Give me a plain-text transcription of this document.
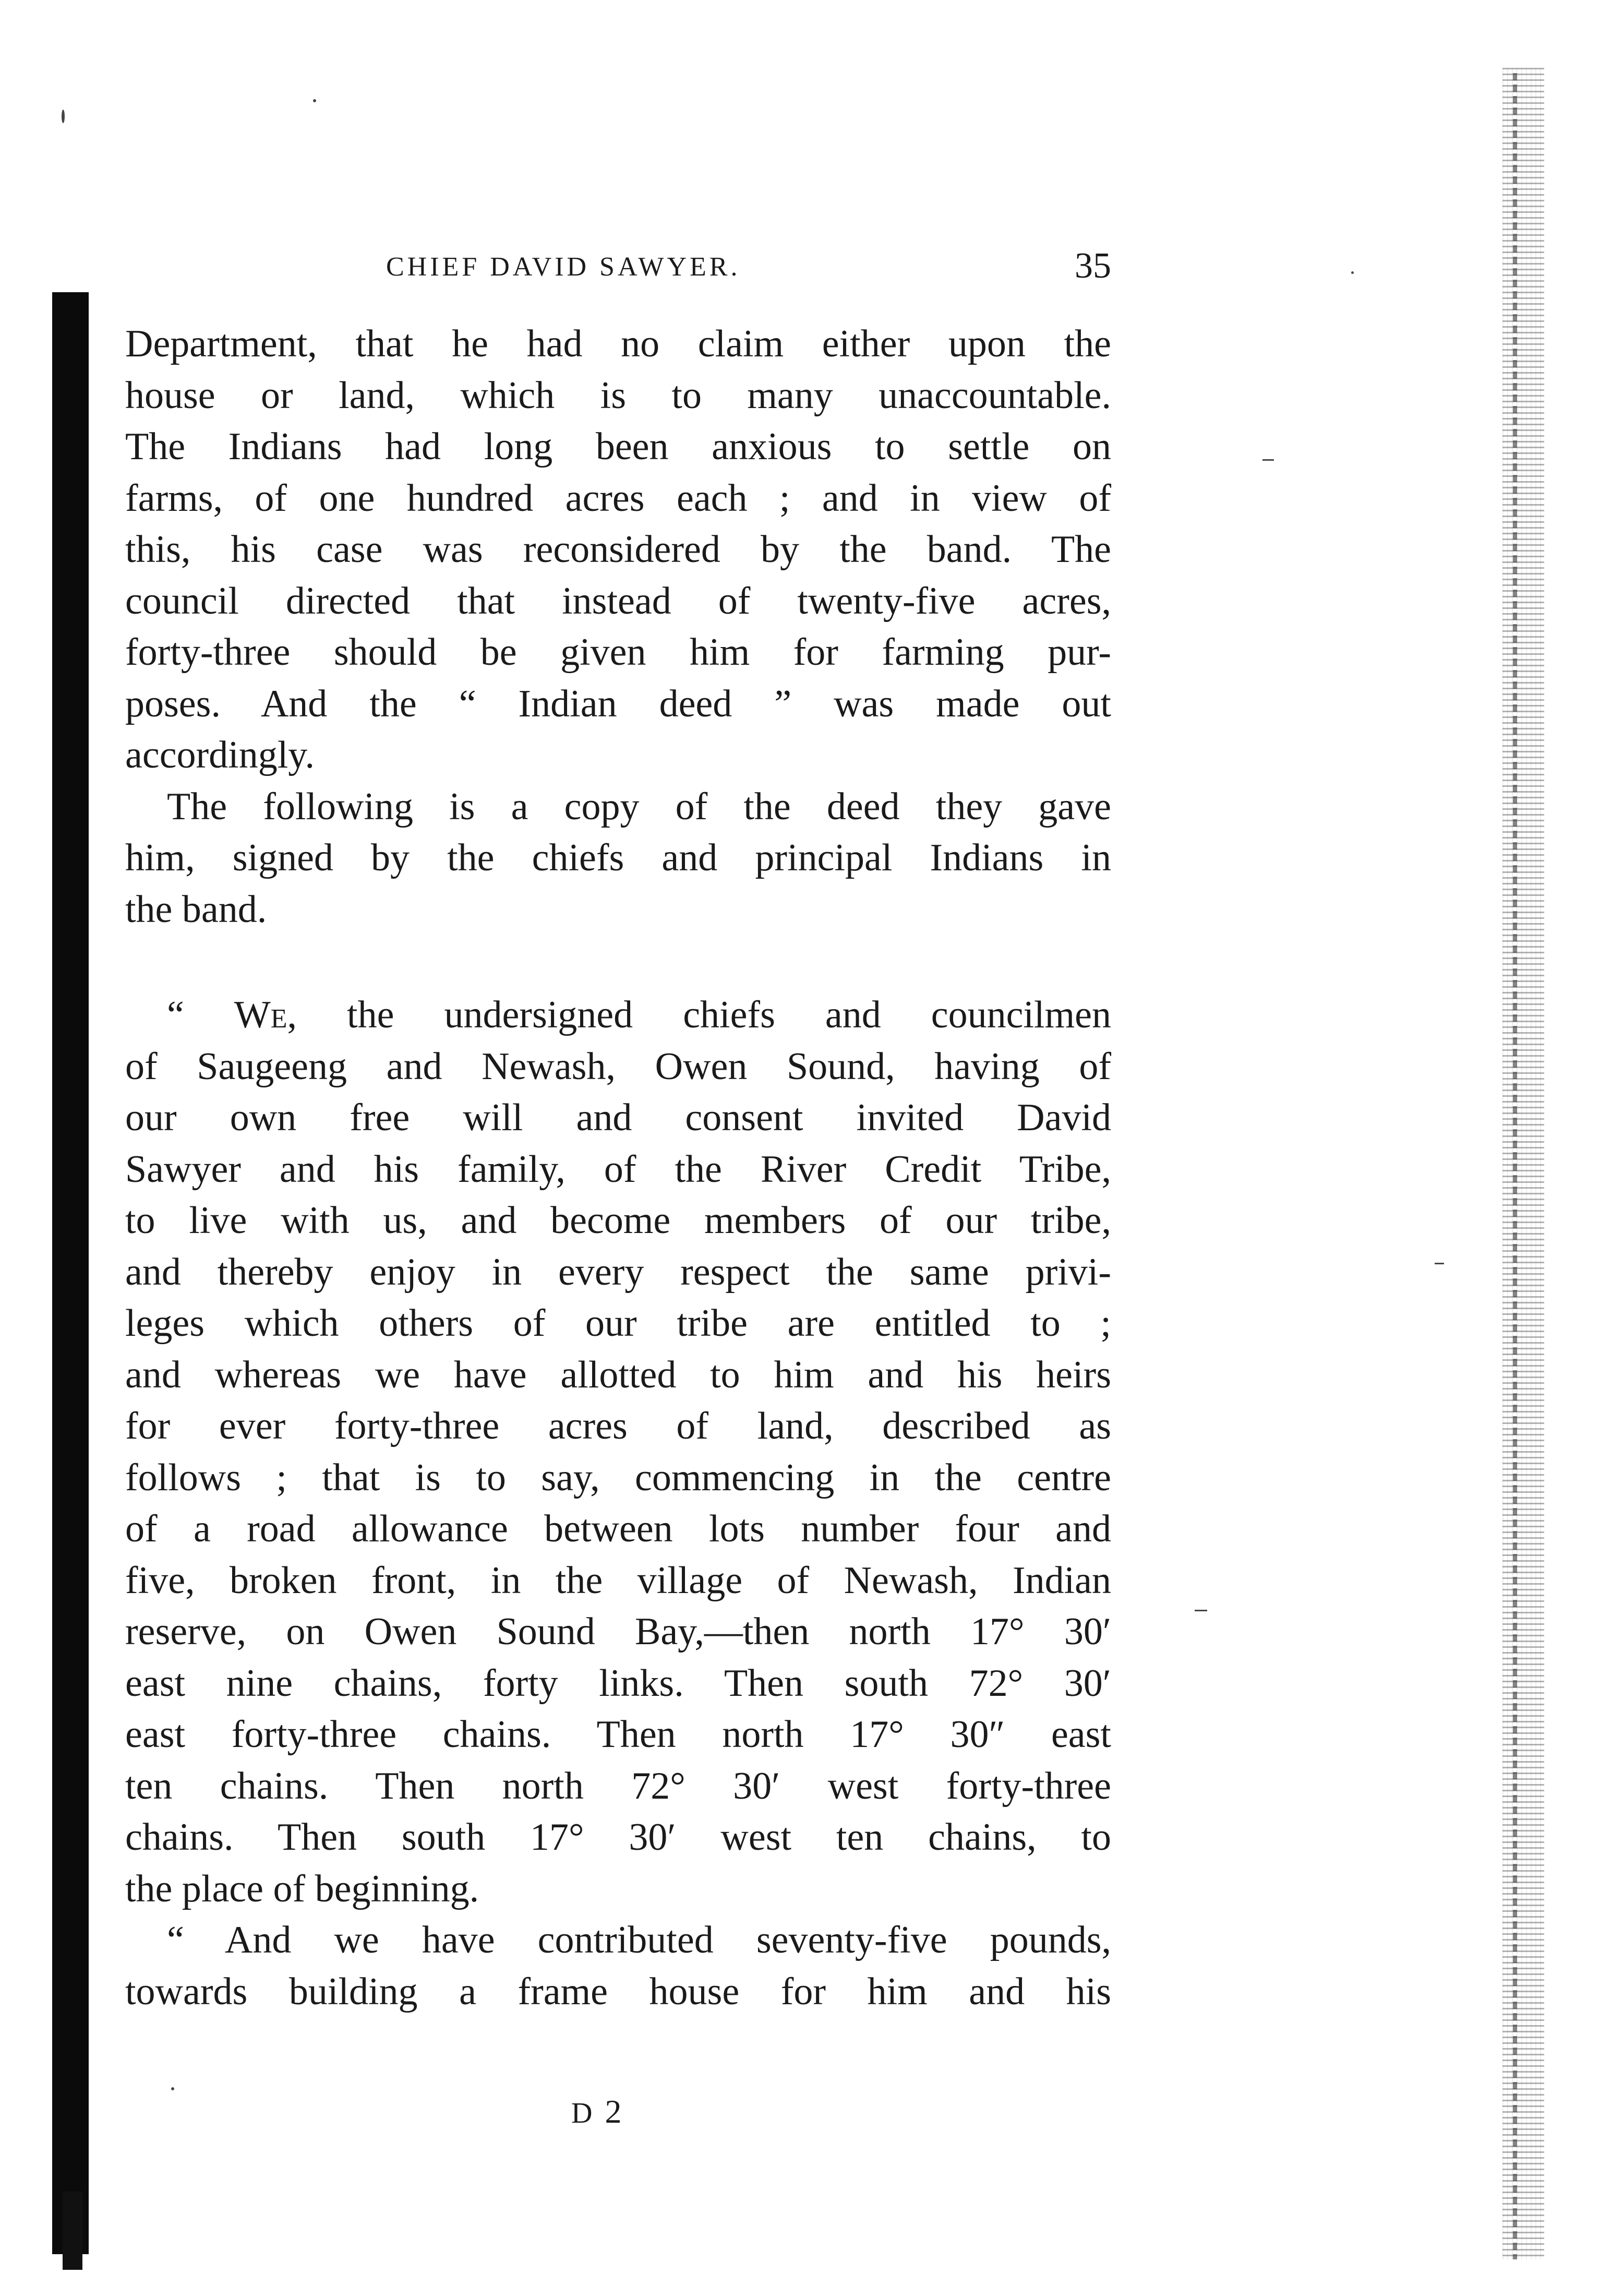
CHIEF DAVID SAWYER.	35
Department, that he had no claim either upon the
house or land, which is to many unaccountable.
The Indians had long been anxious to settle on
farms, of one hundred acres each ; and in view of
this, his case was reconsidered by the band. The
council directed that instead of twenty-five acres,
forty-three should be given him for farming pur-
poses. And the “ Indian deed ” was made out
accordingly.
The following is a copy of the deed they gave
him, signed by the chiefs and principal Indians in
the band.
“ We, the undersigned chiefs and councilmen
of Saugeeng and Newash, Owen Sound, having of
our own free will and consent invited David
Sawyer and his family, of the River Credit Tribe,
to live with us, and become members of our tribe,
and thereby enjoy in every respect the same privi-
leges which others of our tribe are entitled to ;
and whereas we have allotted to him and his heirs
for ever forty-three acres of land, described as
follows ; that is to say, commencing in the centre
of a road allowance between lots number four and
five, broken front, in the village of Newash, Indian
reserve, on Owen Sound Bay,—then north 17° 30′
east nine chains, forty links. Then south 72° 30′
east forty-three chains. Then north 17° 30″ east
ten chains. Then north 72° 30′ west forty-three
chains. Then south 17° 30′ west ten chains, to
the place of beginning.
“ And we have contributed seventy-five pounds,
towards building a frame house for him and his
D 2
